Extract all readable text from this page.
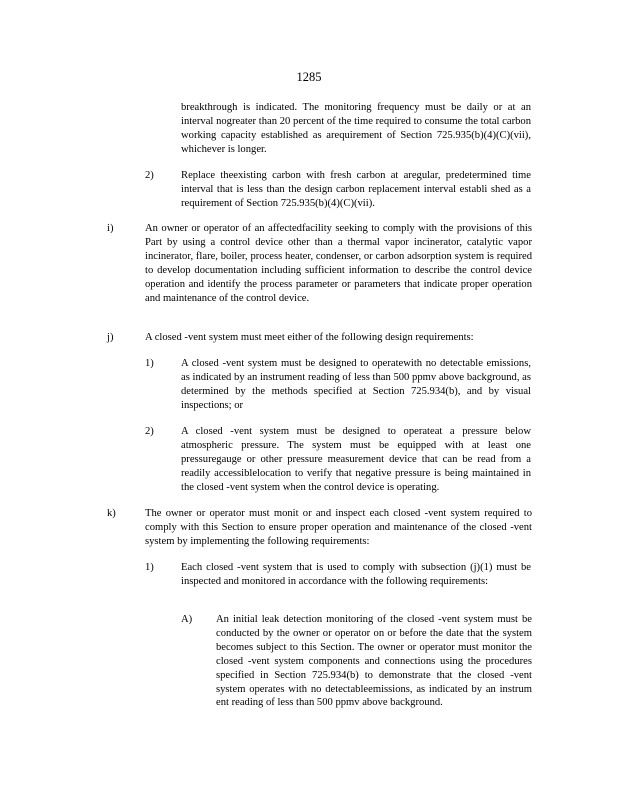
1285
breakthrough is indicated. The monitoring frequency must be daily or at an interval nogreater than 20 percent of the time required to consume the total carbon working capacity established as arequirement of Section 725.935(b)(4)(C)(vii), whichever is longer.
2)	Replace theexisting carbon with fresh carbon at aregular, predetermined time interval that is less than the design carbon replacement interval establi shed as a requirement of Section 725.935(b)(4)(C)(vii).
i)	An owner or operator of an affectedfacility seeking to comply with the provisions of this Part by using a control device other than a thermal vapor incinerator, catalytic vapor incinerator, flare, boiler, process heater, condenser, or carbon adsorption system is required to develop documentation including sufficient information to describe the control device operation and identify the process parameter or parameters that indicate proper operation and maintenance of the control device.
j)	A closed -vent system must meet either of the following design requirements:
1)	A closed -vent system must be designed to operatewith no detectable emissions, as indicated by an instrument reading of less than 500 ppmv above background, as determined by the methods specified at Section 725.934(b), and by visual inspections; or
2)	A closed -vent system must be designed to operateat a pressure below atmospheric pressure. The system must be equipped with at least one pressuregauge or other pressure measurement device that can be read from a readily accessiblelocation to verify that negative pressure is being maintained in the closed -vent system when the control device is operating.
k)	The owner or operator must monit or and inspect each closed -vent system required to comply with this Section to ensure proper operation and maintenance of the closed -vent system by implementing the following requirements:
1)	Each closed -vent system that is used to comply with subsection (j)(1) must be inspected and monitored in accordance with the following requirements:
A) An initial leak detection monitoring of the closed -vent system must be conducted by the owner or operator on or before the date that the system becomes subject to this Section. The owner or operator must monitor the closed -vent system components and connections using the procedures specified in Section 725.934(b) to demonstrate that the closed -vent system operates with no detectableemissions, as indicated by an instrum ent reading of less than 500 ppmv above background.
